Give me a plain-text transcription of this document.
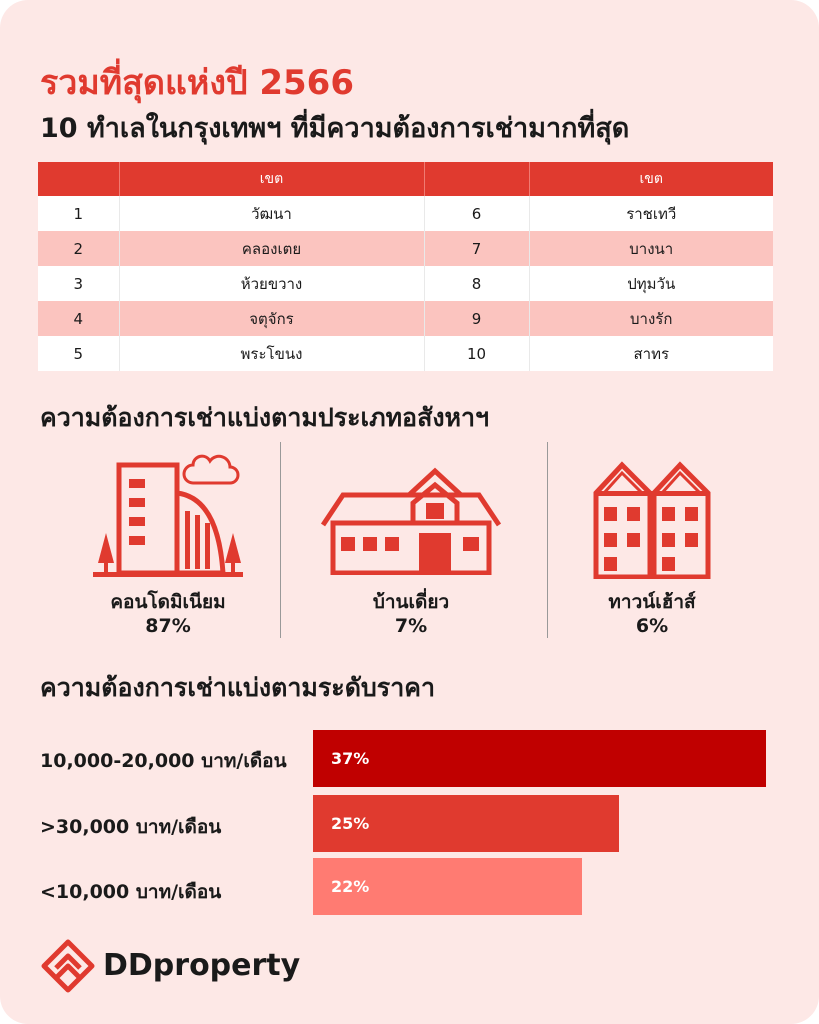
รวมที่สุดแห่งปี 2566
10 ทำเลในกรุงเทพฯ ที่มีความต้องการเช่ามากที่สุด
	เขต		เขต
1	วัฒนา	6	ราชเทวี
2	คลองเตย	7	บางนา
3	ห้วยขวาง	8	ปทุมวัน
4	จตุจักร	9	บางรัก
5	พระโขนง	10	สาทร
ความต้องการเช่าแบ่งตามประเภทอสังหาฯ
คอนโดมิเนียม
87%
บ้านเดี่ยว
7%
ทาวน์เฮ้าส์
6%
ความต้องการเช่าแบ่งตามระดับราคา
10,000-20,000 บาท/เดือน
>30,000 บาท/เดือน
<10,000 บาท/เดือน
37%
25%
22%
DDproperty
